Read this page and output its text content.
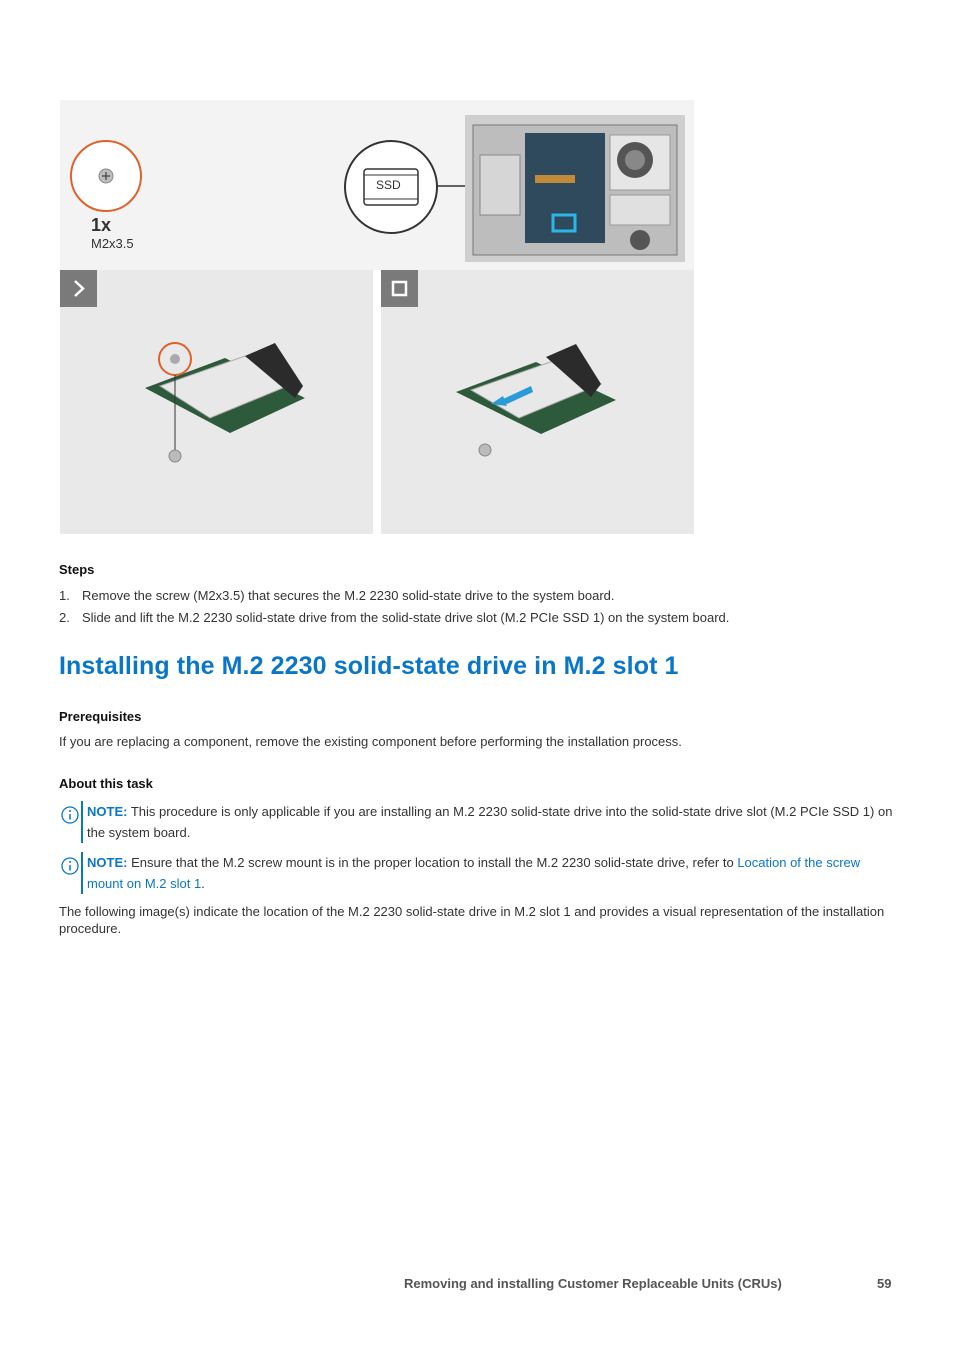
1x
M2x3.5
SSD
Steps
1. Remove the screw (M2x3.5) that secures the M.2 2230 solid-state drive to the system board.
2. Slide and lift the M.2 2230 solid-state drive from the solid-state drive slot (M.2 PCIe SSD 1) on the system board.
Installing the M.2 2230 solid-state drive in M.2 slot 1
Prerequisites
If you are replacing a component, remove the existing component before performing the installation process.
About this task
NOTE: This procedure is only applicable if you are installing an M.2 2230 solid-state drive into the solid-state drive slot (M.2 PCIe SSD 1) on the system board.
NOTE: Ensure that the M.2 screw mount is in the proper location to install the M.2 2230 solid-state drive, refer to Location of the screw mount on M.2 slot 1.
The following image(s) indicate the location of the M.2 2230 solid-state drive in M.2 slot 1 and provides a visual representation of the installation procedure.
Removing and installing Customer Replaceable Units (CRUs)	59
